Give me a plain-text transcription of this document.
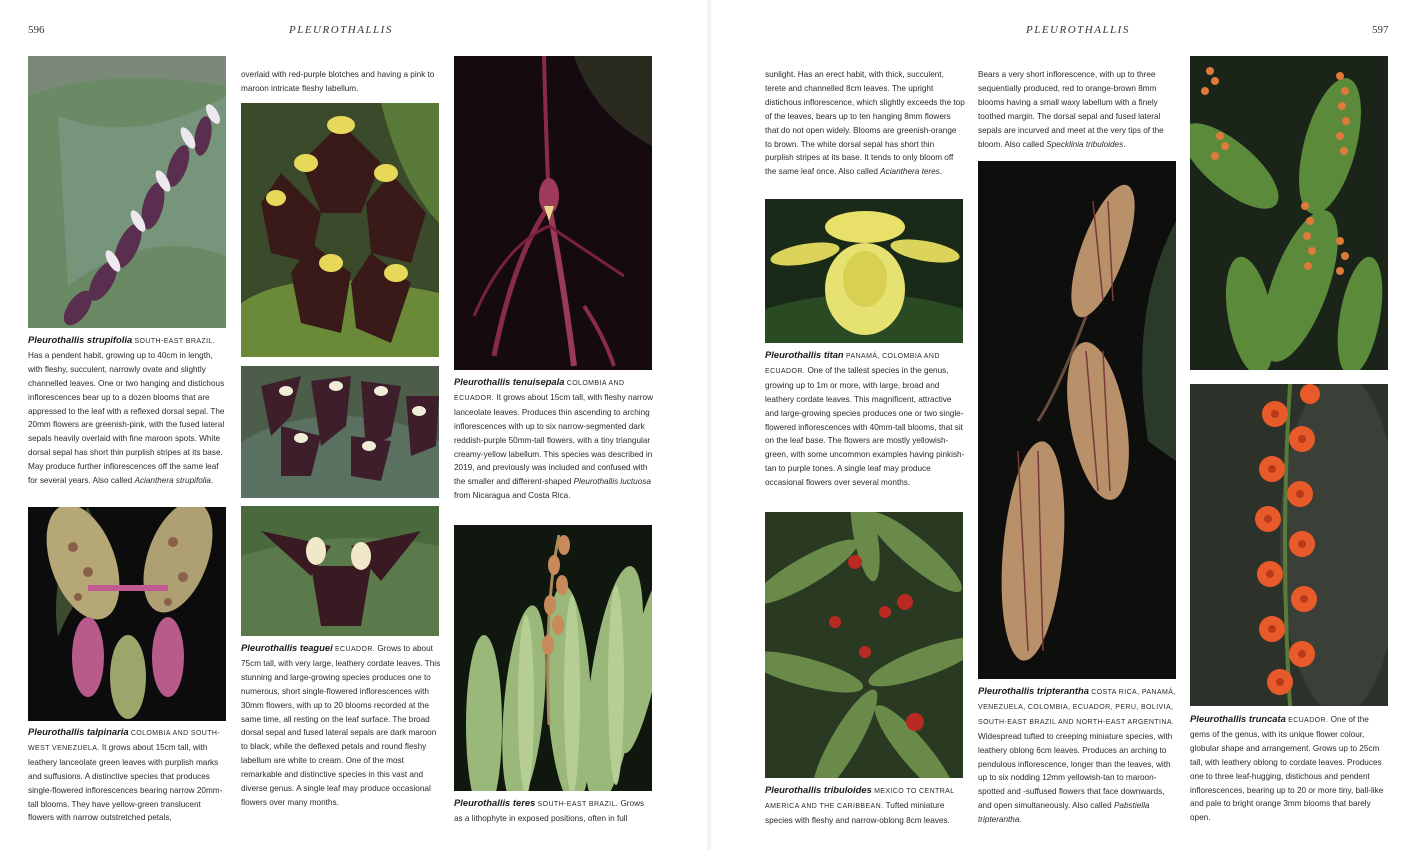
596	PLEUROTHALLIS	PLEUROTHALLIS	597
Pleurothallis strupifolia SOUTH-EAST BRAZIL. Has a pendent habit, growing up to 40cm in length, with fleshy, succulent, narrowly ovate and slightly channelled leaves. One or two hanging and distichous inflorescences bear up to a dozen blooms that are appressed to the leaf with a reflexed dorsal sepal. The 20mm flowers are greenish-pink, with the fused lateral sepals heavily overlaid with fine maroon spots. White dorsal sepal has short thin purplish stripes at its base. May produce further inflorescences off the same leaf for several years. Also called Acianthera strupifolia.
Pleurothallis talpinaria COLOMBIA AND SOUTH-WEST VENEZUELA. It grows about 15cm tall, with leathery lanceolate green leaves with purplish marks and suffusions. A distinctive species that produces single-flowered inflorescences bearing narrow 20mm-tall blooms. They have yellow-green translucent flowers with narrow outstretched petals,
overlaid with red-purple blotches and having a pink to maroon intricate fleshy labellum.
Pleurothallis teaguei ECUADOR. Grows to about 75cm tall, with very large, leathery cordate leaves. This stunning and large-growing species produces one to numerous, short single-flowered inflorescences with 30mm flowers, with up to 20 blooms recorded at the same time, all resting on the leaf surface. The broad dorsal sepal and fused lateral sepals are dark maroon to black, while the deflexed petals and round fleshy labellum are white to cream. One of the most remarkable and distinctive species in this vast and diverse genus. A single leaf may produce occasional flowers over many months.
Pleurothallis tenuisepala COLOMBIA AND ECUADOR. It grows about 15cm tall, with fleshy narrow lanceolate leaves. Produces thin ascending to arching inflorescences with up to six narrow-segmented dark reddish-purple 50mm-tall flowers, with a tiny triangular creamy-yellow labellum. This species was described in 2019, and previously was included and confused with the smaller and different-shaped Pleurothallis luctuosa from Nicaragua and Costa Rica.
Pleurothallis teres SOUTH-EAST BRAZIL. Grows as a lithophyte in exposed positions, often in full
sunlight. Has an erect habit, with thick, succulent, terete and channelled 8cm leaves. The upright distichous inflorescence, which slightly exceeds the top of the leaves, bears up to ten hanging 8mm flowers that do not open widely. Blooms are greenish-orange to brown. The white dorsal sepal has short thin purplish stripes at its base. It tends to only bloom off the same leaf once. Also called Acianthera teres.
Pleurothallis titan PANAMÁ, COLOMBIA AND ECUADOR. One of the tallest species in the genus, growing up to 1m or more, with large, broad and leathery cordate leaves. This magnificent, attractive and large-growing species produces one or two single-flowered inflorescences with 40mm-tall blooms, that sit on the leaf base. The flowers are mostly yellowish-green, with some uncommon examples having pinkish-tan to purple tones. A single leaf may produce occasional flowers over several months.
Pleurothallis tribuloides MEXICO TO CENTRAL AMERICA AND THE CARIBBEAN. Tufted miniature species with fleshy and narrow-oblong 8cm leaves.
Bears a very short inflorescence, with up to three sequentially produced, red to orange-brown 8mm blooms having a small waxy labellum with a finely toothed margin. The dorsal sepal and fused lateral sepals are incurved and meet at the very tips of the bloom. Also called Specklinia tribuloides.
Pleurothallis tripterantha COSTA RICA, PANAMÁ, VENEZUELA, COLOMBIA, ECUADOR, PERU, BOLIVIA, SOUTH-EAST BRAZIL AND NORTH-EAST ARGENTINA. Widespread tufted to creeping miniature species, with leathery oblong 6cm leaves. Produces an arching to pendulous inflorescence, longer than the leaves, with up to six nodding 12mm yellowish-tan to maroon-spotted and -suffused flowers that face downwards, and open simultaneously. Also called Pabstiella tripterantha.
Pleurothallis truncata ECUADOR. One of the gems of the genus, with its unique flower colour, globular shape and arrangement. Grows up to 25cm tall, with leathery oblong to cordate leaves. Produces one to three leaf-hugging, distichous and pendent inflorescences, bearing up to 20 or more tiny, ball-like and pale to bright orange 3mm blooms that barely open.
